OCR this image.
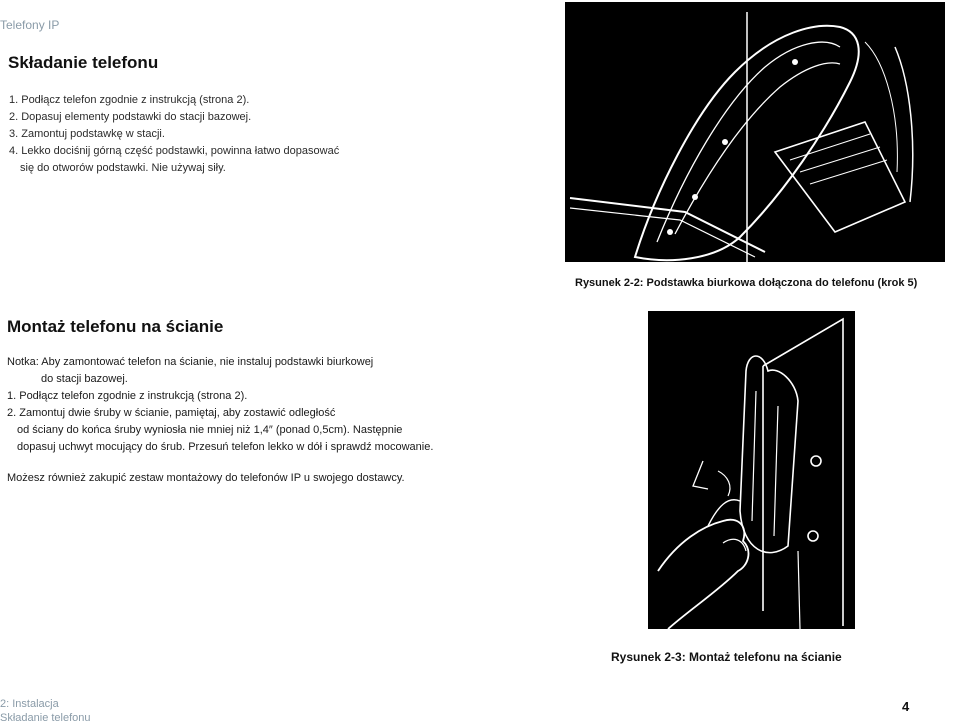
Telefony IP
Składanie telefonu
1. Podłącz telefon zgodnie z instrukcją (strona 2).
2. Dopasuj elementy podstawki do stacji bazowej.
3. Zamontuj podstawkę w stacji.
4. Lekko dociśnij górną część podstawki, powinna łatwo dopasować
się do otworów podstawki. Nie używaj siły.
Rysunek 2-2: Podstawka biurkowa dołączona do telefonu (krok 5)
Montaż telefonu na ścianie

Notka: Aby zamontować telefon na ścianie, nie instaluj podstawki biurkowej

do stacji bazowej.

1. Podłącz telefon zgodnie z instrukcją (strona 2).

2. Zamontuj dwie śruby w ścianie, pamiętaj, aby zostawić odległość

od ściany do końca śruby wyniosła nie mniej niż 1,4″ (ponad 0,5cm). Następnie

dopasuj uchwyt mocujący do śrub. Przesuń telefon lekko w dół i sprawdź mocowanie.

Możesz również zakupić zestaw montażowy do telefonów IP u swojego dostawcy.

Rysunek 2-3: Montaż telefonu na ścianie
2: Instalacja
Składanie telefonu
4
